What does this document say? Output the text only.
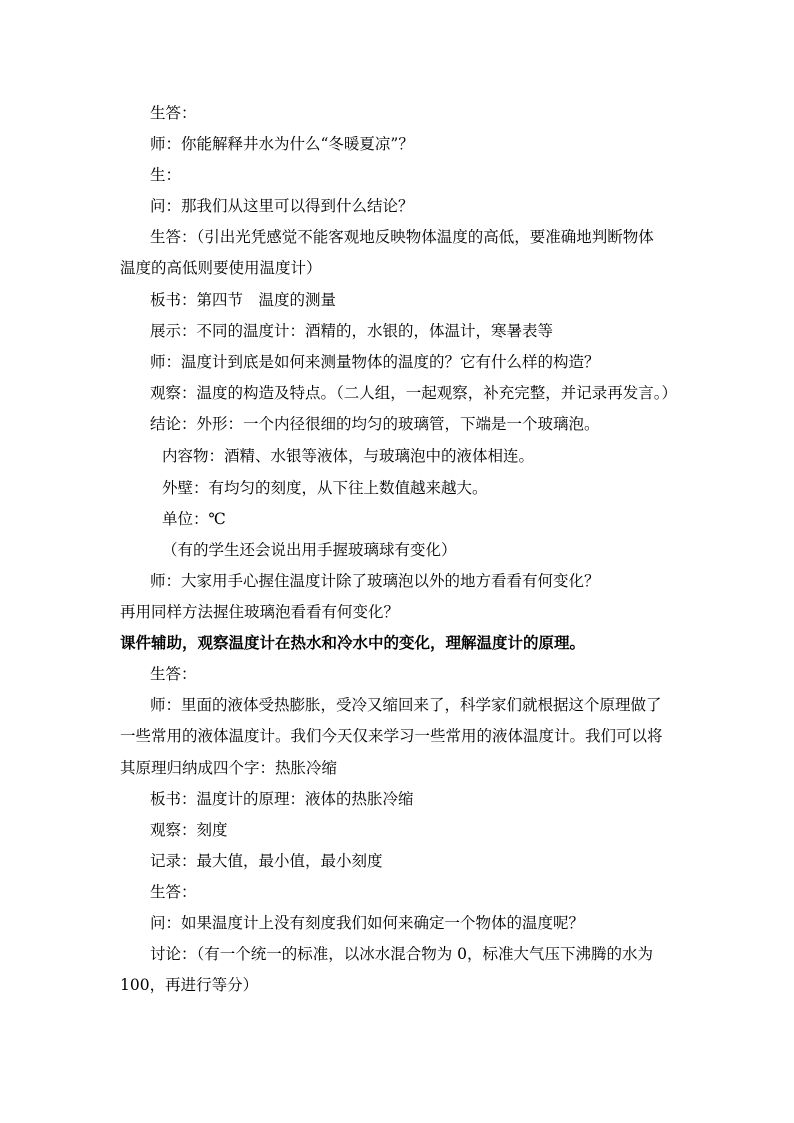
生答：

师：你能解释井水为什么“冬暖夏凉”？

生：

问：那我们从这里可以得到什么结论？

生答：（引出光凭感觉不能客观地反映物体温度的高低，要准确地判断物体

温度的高低则要使用温度计）

板书：第四节　温度的测量

展示：不同的温度计：酒精的，水银的，体温计，寒暑表等

师：温度计到底是如何来测量物体的温度的？它有什么样的构造？

观察：温度的构造及特点。（二人组，一起观察，补充完整，并记录再发言。）

结论：外形：一个内径很细的均匀的玻璃管，下端是一个玻璃泡。

内容物：酒精、水银等液体，与玻璃泡中的液体相连。

外壁：有均匀的刻度，从下往上数值越来越大。

单位：℃

（有的学生还会说出用手握玻璃球有变化）

师：大家用手心握住温度计除了玻璃泡以外的地方看看有何变化？

再用同样方法握住玻璃泡看看有何变化？

课件辅助，观察温度计在热水和冷水中的变化，理解温度计的原理。

生答：

师：里面的液体受热膨胀，受冷又缩回来了，科学家们就根据这个原理做了

一些常用的液体温度计。我们今天仅来学习一些常用的液体温度计。我们可以将

其原理归纳成四个字：热胀冷缩

板书：温度计的原理：液体的热胀冷缩

观察：刻度

记录：最大值，最小值，最小刻度

生答：

问：如果温度计上没有刻度我们如何来确定一个物体的温度呢？

讨论：（有一个统一的标准，以冰水混合物为 0，标准大气压下沸腾的水为

100，再进行等分）
